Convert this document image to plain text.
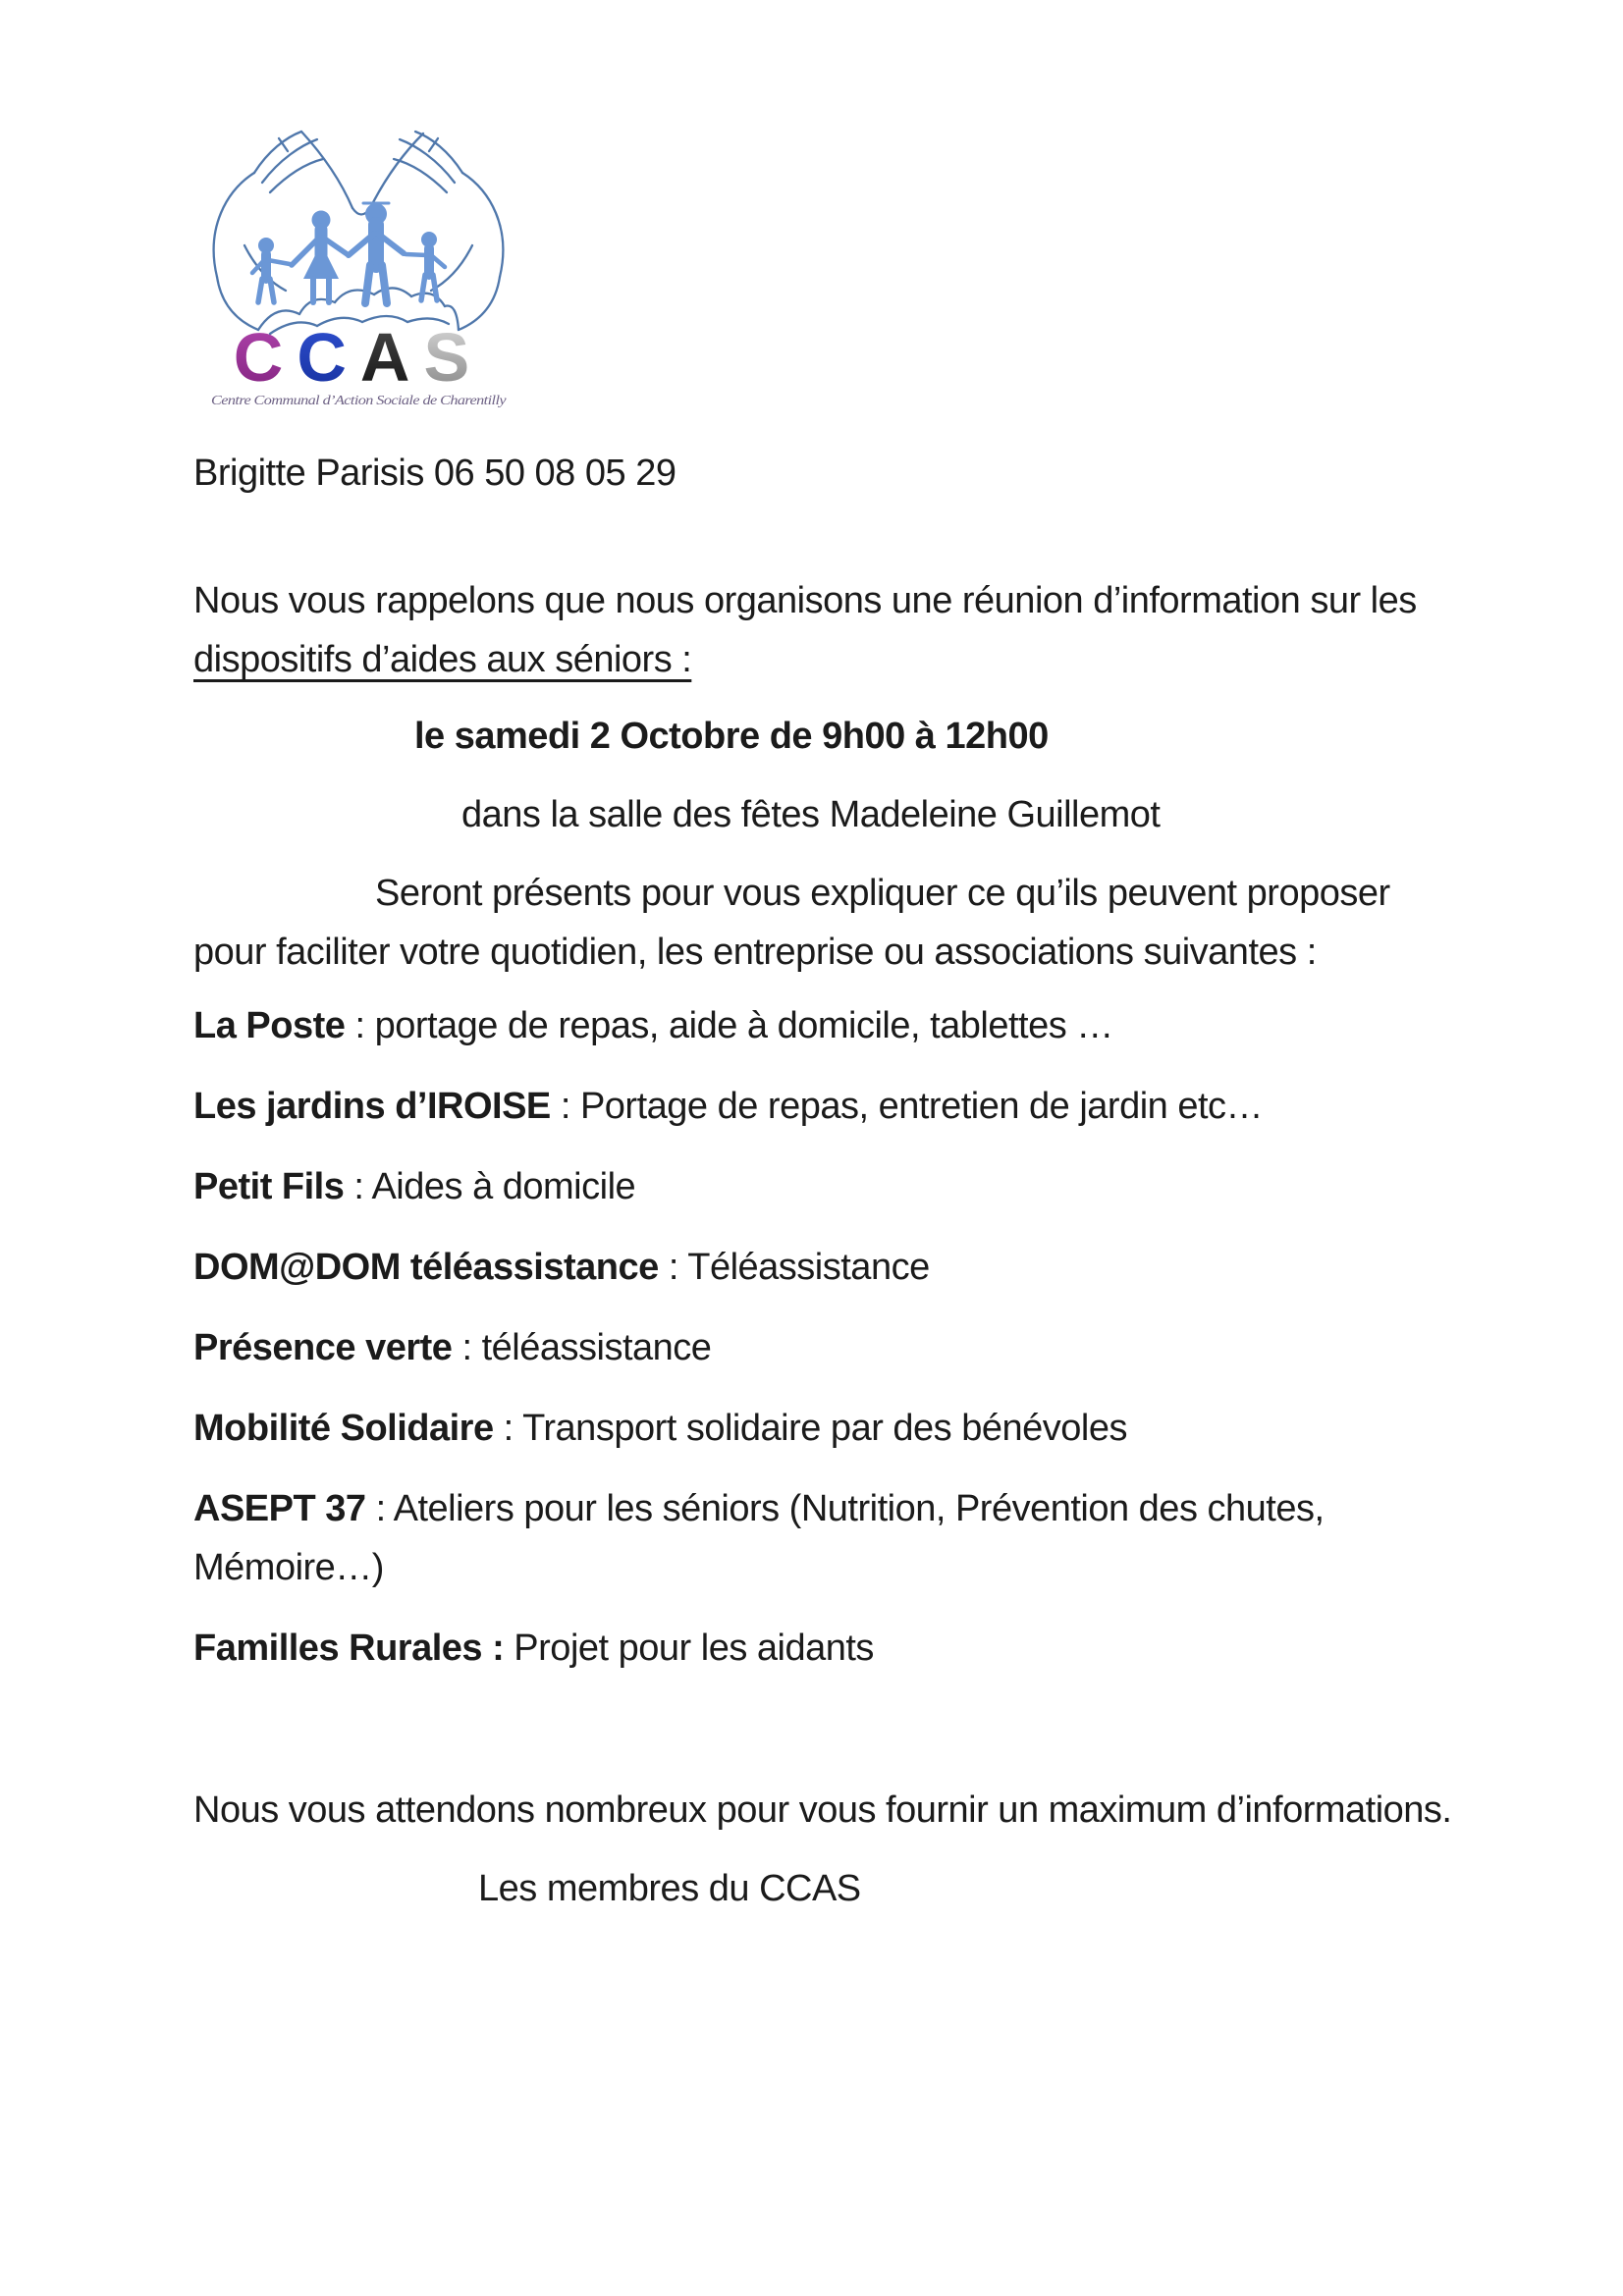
CCAS
Centre Communal d’Action Sociale de Charentilly

Brigitte Parisis 06 50 08 05 29

Nous vous rappelons que nous organisons une réunion d’information sur les dispositifs d’aides aux séniors :

le samedi 2 Octobre de 9h00 à 12h00

dans la salle des fêtes Madeleine Guillemot

Seront présents pour vous expliquer ce qu’ils peuvent proposer pour faciliter votre quotidien, les entreprise ou associations suivantes :

La Poste : portage de repas, aide à domicile, tablettes …

Les jardins d’IROISE : Portage de repas, entretien de jardin etc…

Petit Fils : Aides à domicile

DOM@DOM téléassistance : Téléassistance

Présence verte : téléassistance

Mobilité Solidaire : Transport solidaire par des bénévoles

ASEPT 37 : Ateliers pour les séniors (Nutrition, Prévention des chutes, Mémoire…)

Familles Rurales : Projet pour les aidants

Nous vous attendons nombreux pour vous fournir un maximum d’informations.

Les membres du CCAS
